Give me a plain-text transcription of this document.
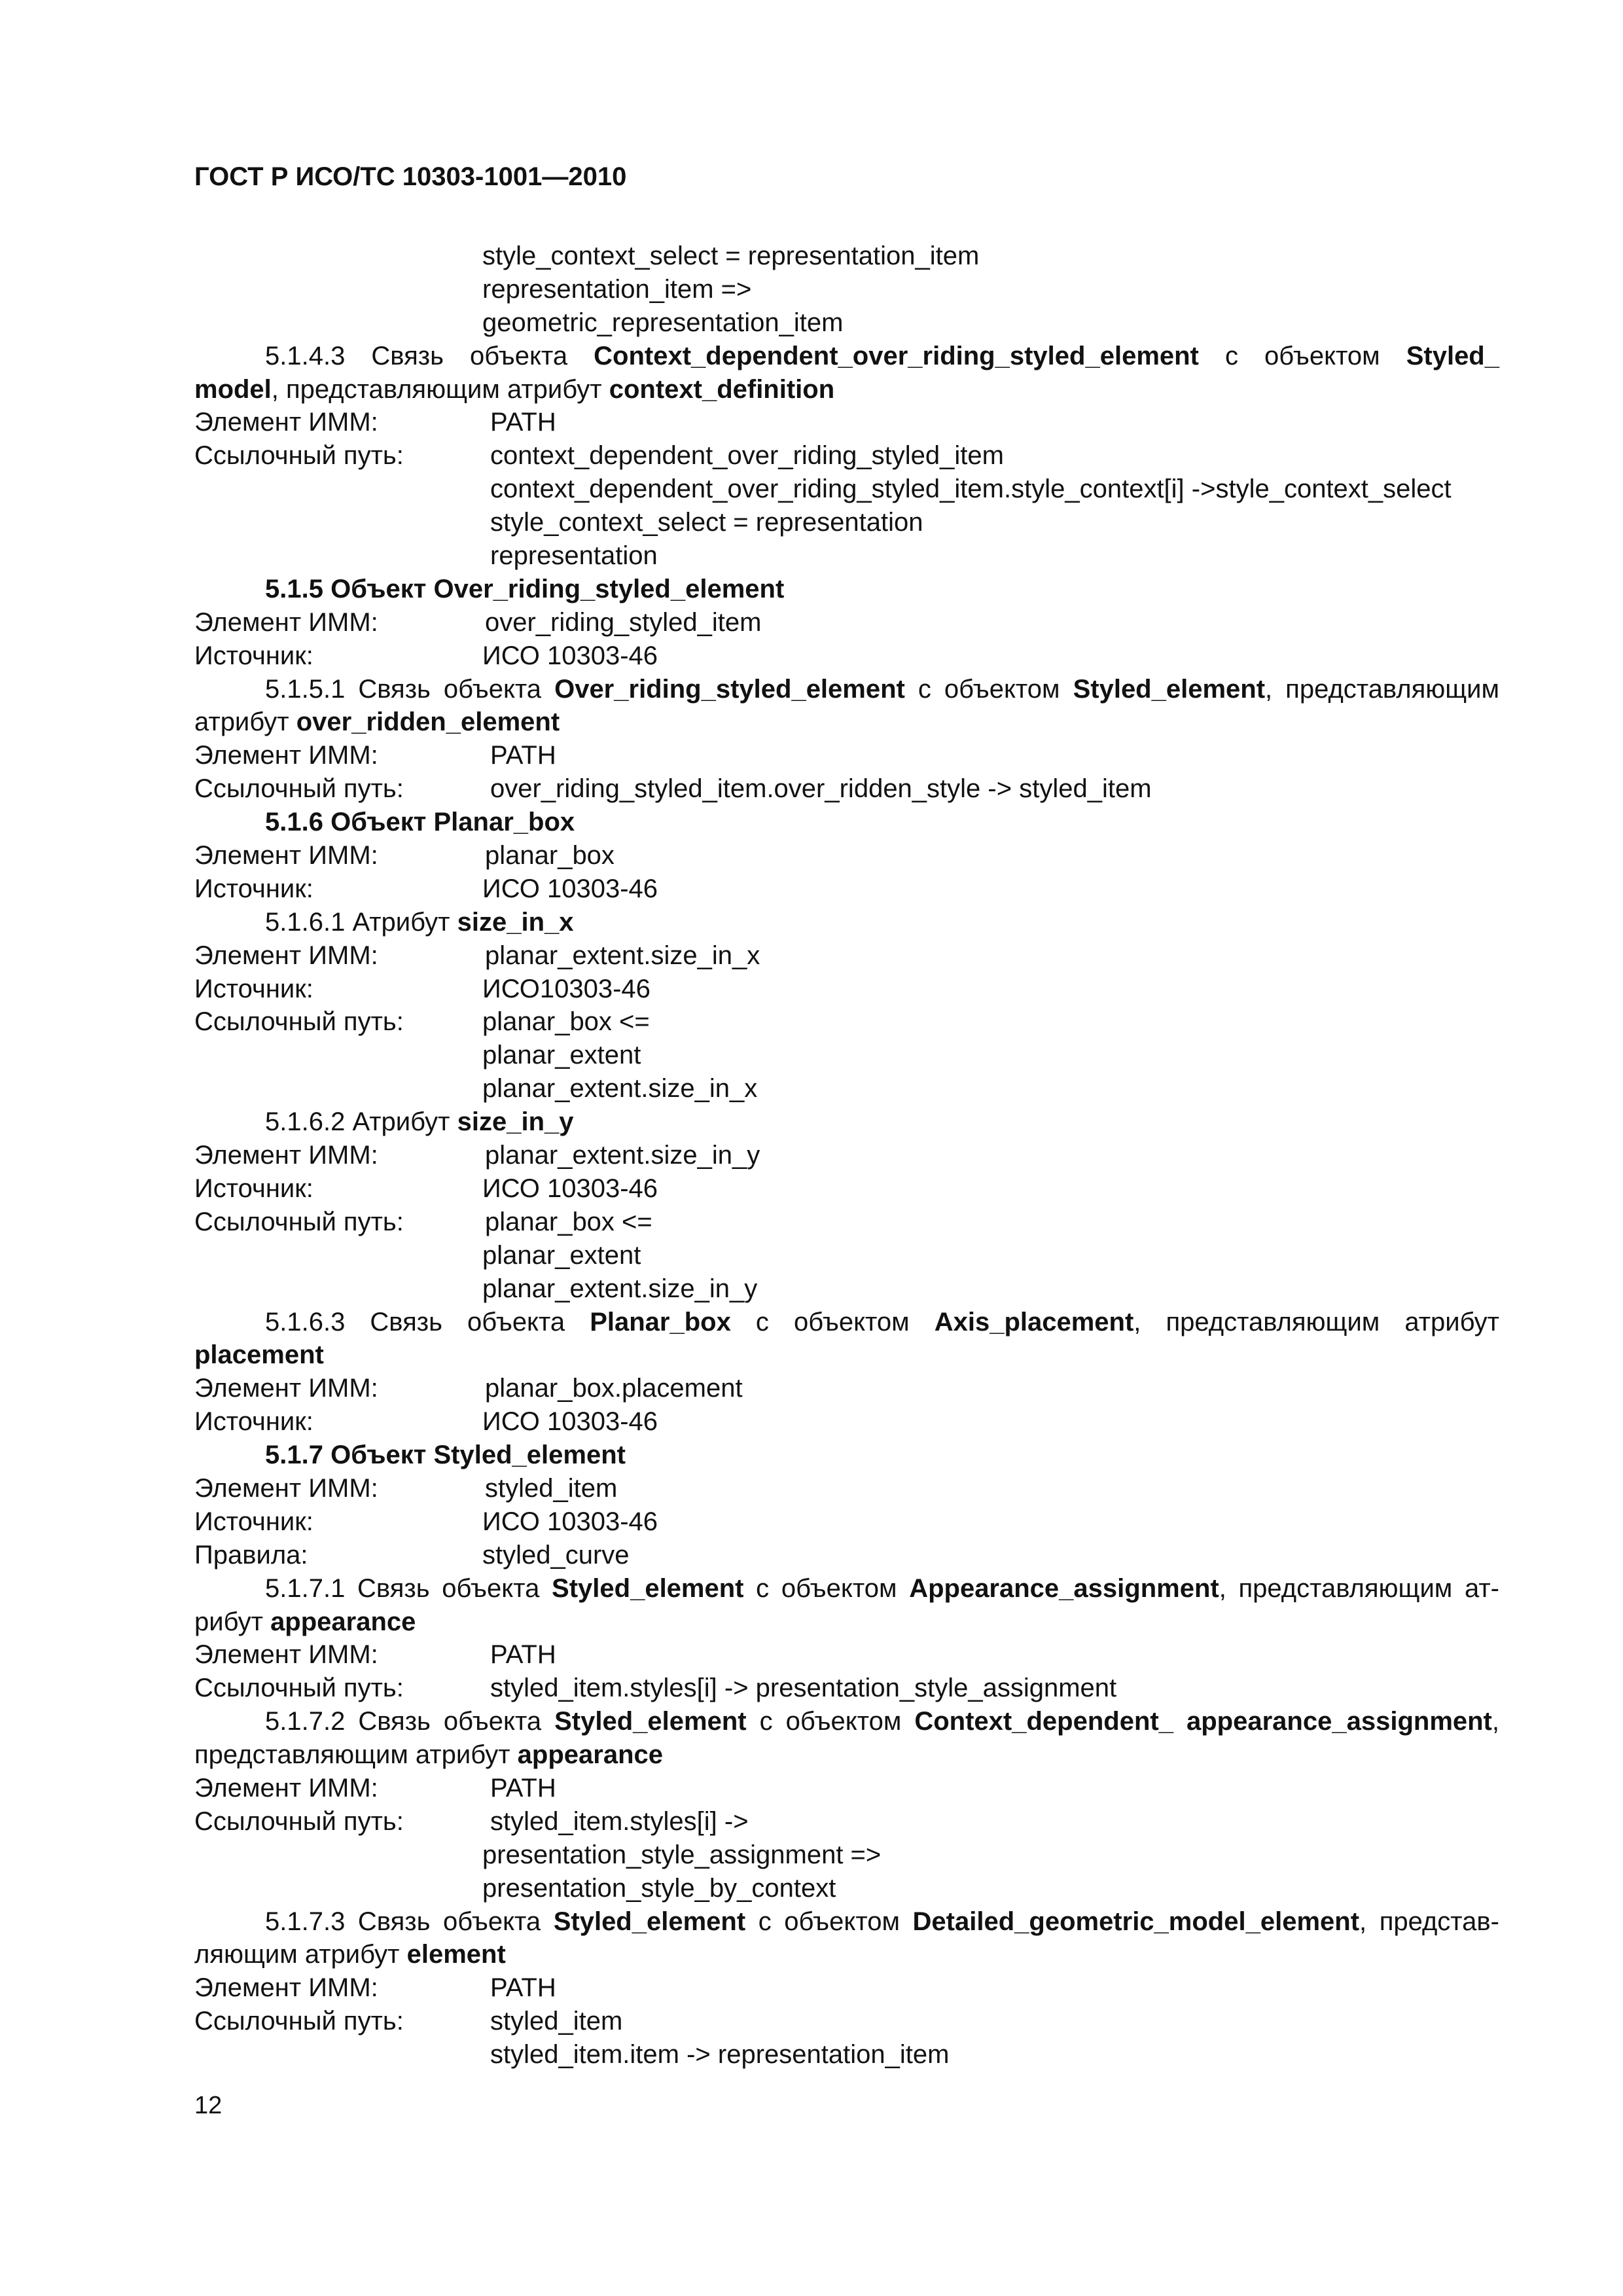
ГОСТ Р ИСО/ТС 10303-1001—2010
style_context_select = representation_item
representation_item =>
geometric_representation_item
5.1.4.3 Связь объекта Context_dependent_over_riding_styled_element с объектом Styled_
model, представляющим атрибут context_definition
Элемент ИММ:	PATH
Ссылочный путь:	context_dependent_over_riding_styled_item
context_dependent_over_riding_styled_item.style_context[i] ->style_context_select
style_context_select = representation
representation
5.1.5 Объект Over_riding_styled_element
Элемент ИММ:	over_riding_styled_item
Источник:	ИСО 10303-46
5.1.5.1 Связь объекта Over_riding_styled_element с объектом Styled_element, представляющим
атрибут over_ridden_element
Элемент ИММ:	PATH
Ссылочный путь:	over_riding_styled_item.over_ridden_style -> styled_item
5.1.6 Объект Planar_box
Элемент ИММ:	planar_box
Источник:	ИСО 10303-46
5.1.6.1 Атрибут size_in_x
Элемент ИММ:	planar_extent.size_in_x
Источник:	ИСО10303-46
Ссылочный путь:	planar_box <=
planar_extent
planar_extent.size_in_x
5.1.6.2 Атрибут size_in_y
Элемент ИММ:	planar_extent.size_in_y
Источник:	ИСО 10303-46
Ссылочный путь:	planar_box <=
planar_extent
planar_extent.size_in_y
5.1.6.3 Связь объекта Planar_box с объектом Axis_placement, представляющим атрибут
placement
Элемент ИММ:	planar_box.placement
Источник:	ИСО 10303-46
5.1.7 Объект Styled_element
Элемент ИММ:	styled_item
Источник:	ИСО 10303-46
Правила:	styled_curve
5.1.7.1 Связь объекта Styled_element с объектом Appearance_assignment, представляющим ат-
рибут appearance
Элемент ИММ:	PATH
Ссылочный путь:	styled_item.styles[i] -> presentation_style_assignment
5.1.7.2 Связь объекта Styled_element с объектом Context_dependent_ appearance_assignment,
представляющим атрибут appearance
Элемент ИММ:	PATH
Ссылочный путь:	styled_item.styles[i] ->
presentation_style_assignment =>
presentation_style_by_context
5.1.7.3 Связь объекта Styled_element с объектом Detailed_geometric_model_element, представ-
ляющим атрибут element
Элемент ИММ:	PATH
Ссылочный путь:	styled_item
styled_item.item -> representation_item
12
